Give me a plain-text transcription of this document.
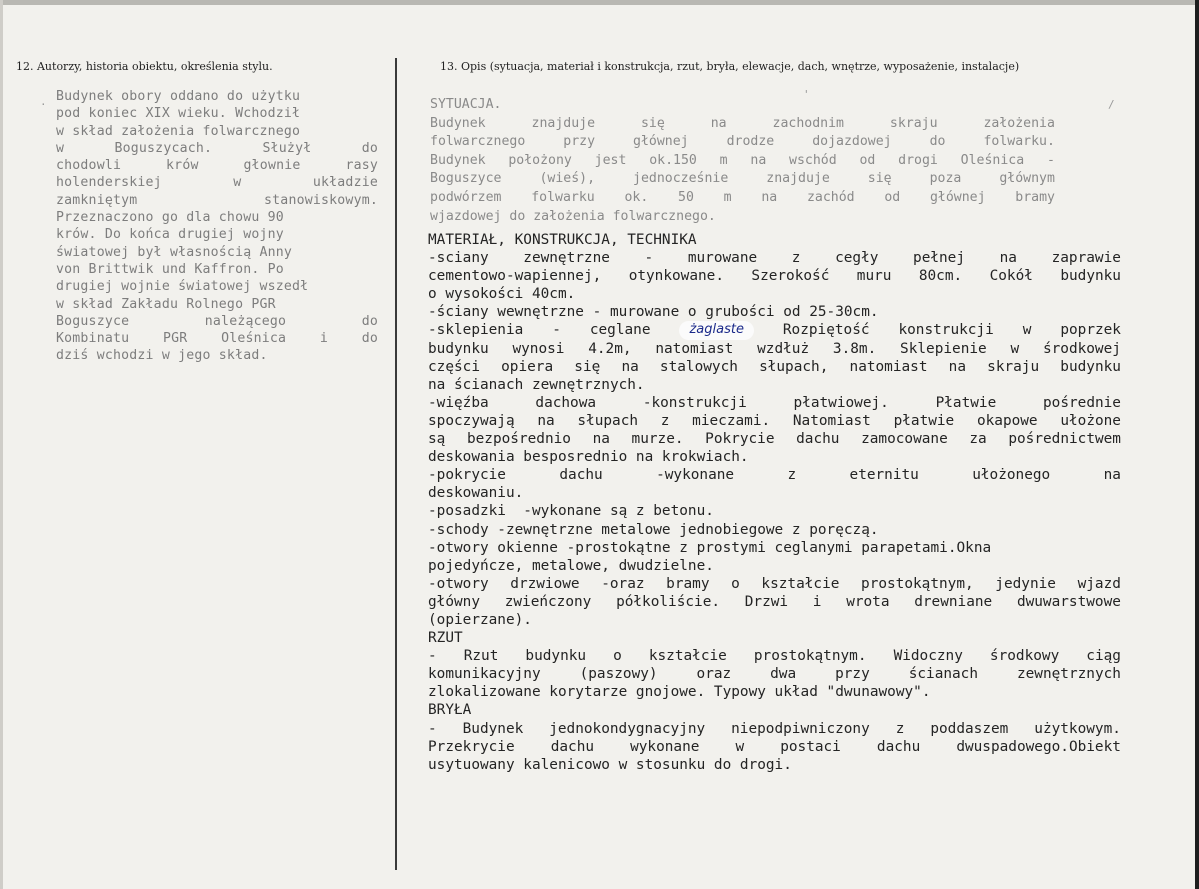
12. Autorzy, historia obiektu, określenia stylu.	13. Opis (sytuacja, materiał i konstrukcja, rzut, bryła, elewacje, dach, wnętrze, wyposażenie, instalacje)
·
'
/
Budynek obory oddano do użytku
pod koniec XIX wieku. Wchodził
w skład założenia folwarcznego
w	Boguszycach.	Służył	do
chodowli	krów	głownie	rasy
holenderskiej	w	układzie
zamkniętym	stanowiskowym.
Przeznaczono go dla chowu 90
krów. Do końca drugiej wojny
światowej był własnością Anny
von Brittwik und Kaffron. Po
drugiej wojnie światowej wszedł
w skład Zakładu Rolnego PGR
Boguszyce	należącego	do
Kombinatu	PGR	Oleśnica	i	do
dziś wchodzi w jego skład.
SYTUACJA.
Budynek	znajduje	się	na	zachodnim	skraju	założenia
folwarcznego	przy	głównej	drodze	dojazdowej	do	folwarku.
Budynek położony jest ok.150 m na wschód od drogi Oleśnica -
Boguszyce	(wieś),	jednocześnie	znajduje	się	poza	głównym
podwórzem folwarku ok. 50 m na zachód od głównej bramy
wjazdowej do założenia folwarcznego.
MATERIAŁ, KONSTRUKCJA, TECHNIKA
-sciany zewnętrzne - murowane z cegły pełnej na zaprawie
cementowo-wapiennej, otynkowane. Szerokość muru 80cm. Cokół budynku
o wysokości 40cm.
-ściany wewnętrzne - murowane o grubości od 25-30cm.
-sklepienia - ceglane	żaglaste	Rozpiętość konstrukcji w poprzek
budynku wynosi 4.2m, natomiast wzdłuż 3.8m. Sklepienie w środkowej
części opiera się na stalowych słupach, natomiast na skraju budynku
na ścianach zewnętrznych.
-więźba	dachowa	-konstrukcji	płatwiowej.	Płatwie	pośrednie
spoczywają na słupach z mieczami. Natomiast płatwie okapowe ułożone
są bezpośrednio na murze. Pokrycie dachu zamocowane za pośrednictwem
deskowania besposrednio na krokwiach.
-pokrycie	dachu	-wykonane	z	eternitu	ułożonego	na
deskowaniu.
-posadzki  -wykonane są z betonu.
-schody -zewnętrzne metalowe jednobiegowe z poręczą.
-otwory okienne -prostokątne z prostymi ceglanymi parapetami.Okna
pojedyńcze, metalowe, dwudzielne.
-otwory drzwiowe -oraz bramy o kształcie prostokątnym, jedynie wjazd
główny zwieńczony półkoliście. Drzwi i wrota drewniane dwuwarstwowe
(opierzane).
RZUT
- Rzut budynku o kształcie prostokątnym. Widoczny środkowy ciąg
komunikacyjny	(paszowy)	oraz	dwa	przy	ścianach	zewnętrznych
zlokalizowane korytarze gnojowe. Typowy układ "dwunawowy".
BRYŁA
- Budynek jednokondygnacyjny niepodpiwniczony z poddaszem użytkowym.
Przekrycie	dachu	wykonane	w	postaci	dachu	dwuspadowego.Obiekt
usytuowany kalenicowo w stosunku do drogi.
